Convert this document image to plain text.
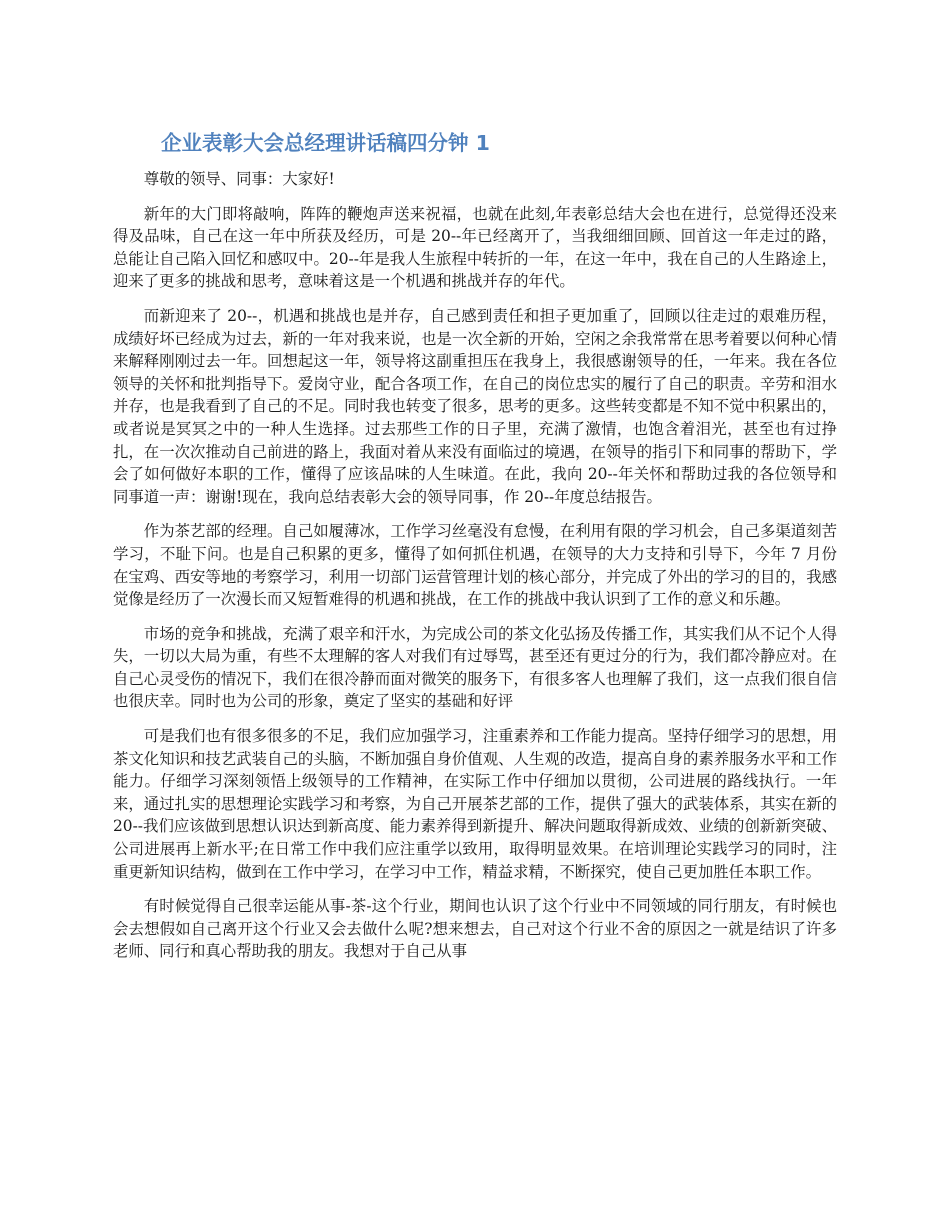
企业表彰大会总经理讲话稿四分钟 1

尊敬的领导、同事：大家好!

新年的大门即将敲响，阵阵的鞭炮声送来祝福，也就在此刻,年表彰总结大会也在进行，总觉得还没来得及品味，自己在这一年中所获及经历，可是 20--年已经离开了，当我细细回顾、回首这一年走过的路，总能让自己陷入回忆和感叹中。20--年是我人生旅程中转折的一年，在这一年中，我在自己的人生路途上，迎来了更多的挑战和思考，意味着这是一个机遇和挑战并存的年代。

而新迎来了 20--，机遇和挑战也是并存，自己感到责任和担子更加重了，回顾以往走过的艰难历程，成绩好坏已经成为过去，新的一年对我来说，也是一次全新的开始，空闲之余我常常在思考着要以何种心情来解释刚刚过去一年。回想起这一年，领导将这副重担压在我身上，我很感谢领导的任，一年来。我在各位领导的关怀和批判指导下。爱岗守业，配合各项工作，在自己的岗位忠实的履行了自己的职责。辛劳和泪水并存，也是我看到了自己的不足。同时我也转变了很多，思考的更多。这些转变都是不知不觉中积累出的，或者说是冥冥之中的一种人生选择。过去那些工作的日子里，充满了激情，也饱含着泪光，甚至也有过挣扎，在一次次推动自己前进的路上，我面对着从来没有面临过的境遇，在领导的指引下和同事的帮助下，学会了如何做好本职的工作，懂得了应该品味的人生味道。在此，我向 20--年关怀和帮助过我的各位领导和同事道一声：谢谢!现在，我向总结表彰大会的领导同事，作 20--年度总结报告。

作为茶艺部的经理。自己如履薄冰，工作学习丝毫没有怠慢，在利用有限的学习机会，自己多渠道刻苦学习，不耻下问。也是自己积累的更多，懂得了如何抓住机遇，在领导的大力支持和引导下，今年 7 月份在宝鸡、西安等地的考察学习，利用一切部门运营管理计划的核心部分，并完成了外出的学习的目的，我感觉像是经历了一次漫长而又短暂难得的机遇和挑战，在工作的挑战中我认识到了工作的意义和乐趣。

市场的竞争和挑战，充满了艰辛和汗水，为完成公司的茶文化弘扬及传播工作，其实我们从不记个人得失，一切以大局为重，有些不太理解的客人对我们有过辱骂，甚至还有更过分的行为，我们都冷静应对。在自己心灵受伤的情况下，我们在很冷静而面对微笑的服务下，有很多客人也理解了我们，这一点我们很自信也很庆幸。同时也为公司的形象，奠定了坚实的基础和好评

可是我们也有很多很多的不足，我们应加强学习，注重素养和工作能力提高。坚持仔细学习的思想，用茶文化知识和技艺武装自己的头脑，不断加强自身价值观、人生观的改造，提高自身的素养服务水平和工作能力。仔细学习深刻领悟上级领导的工作精神，在实际工作中仔细加以贯彻，公司进展的路线执行。一年来，通过扎实的思想理论实践学习和考察，为自己开展茶艺部的工作，提供了强大的武装体系，其实在新的 20--我们应该做到思想认识达到新高度、能力素养得到新提升、解决问题取得新成效、业绩的创新新突破、公司进展再上新水平;在日常工作中我们应注重学以致用，取得明显效果。在培训理论实践学习的同时，注重更新知识结构，做到在工作中学习，在学习中工作，精益求精，不断探究，使自己更加胜任本职工作。

有时候觉得自己很幸运能从事-茶-这个行业，期间也认识了这个行业中不同领域的同行朋友，有时候也会去想假如自己离开这个行业又会去做什么呢?想来想去，自己对这个行业不舍的原因之一就是结识了许多老师、同行和真心帮助我的朋友。我想对于自己从事
